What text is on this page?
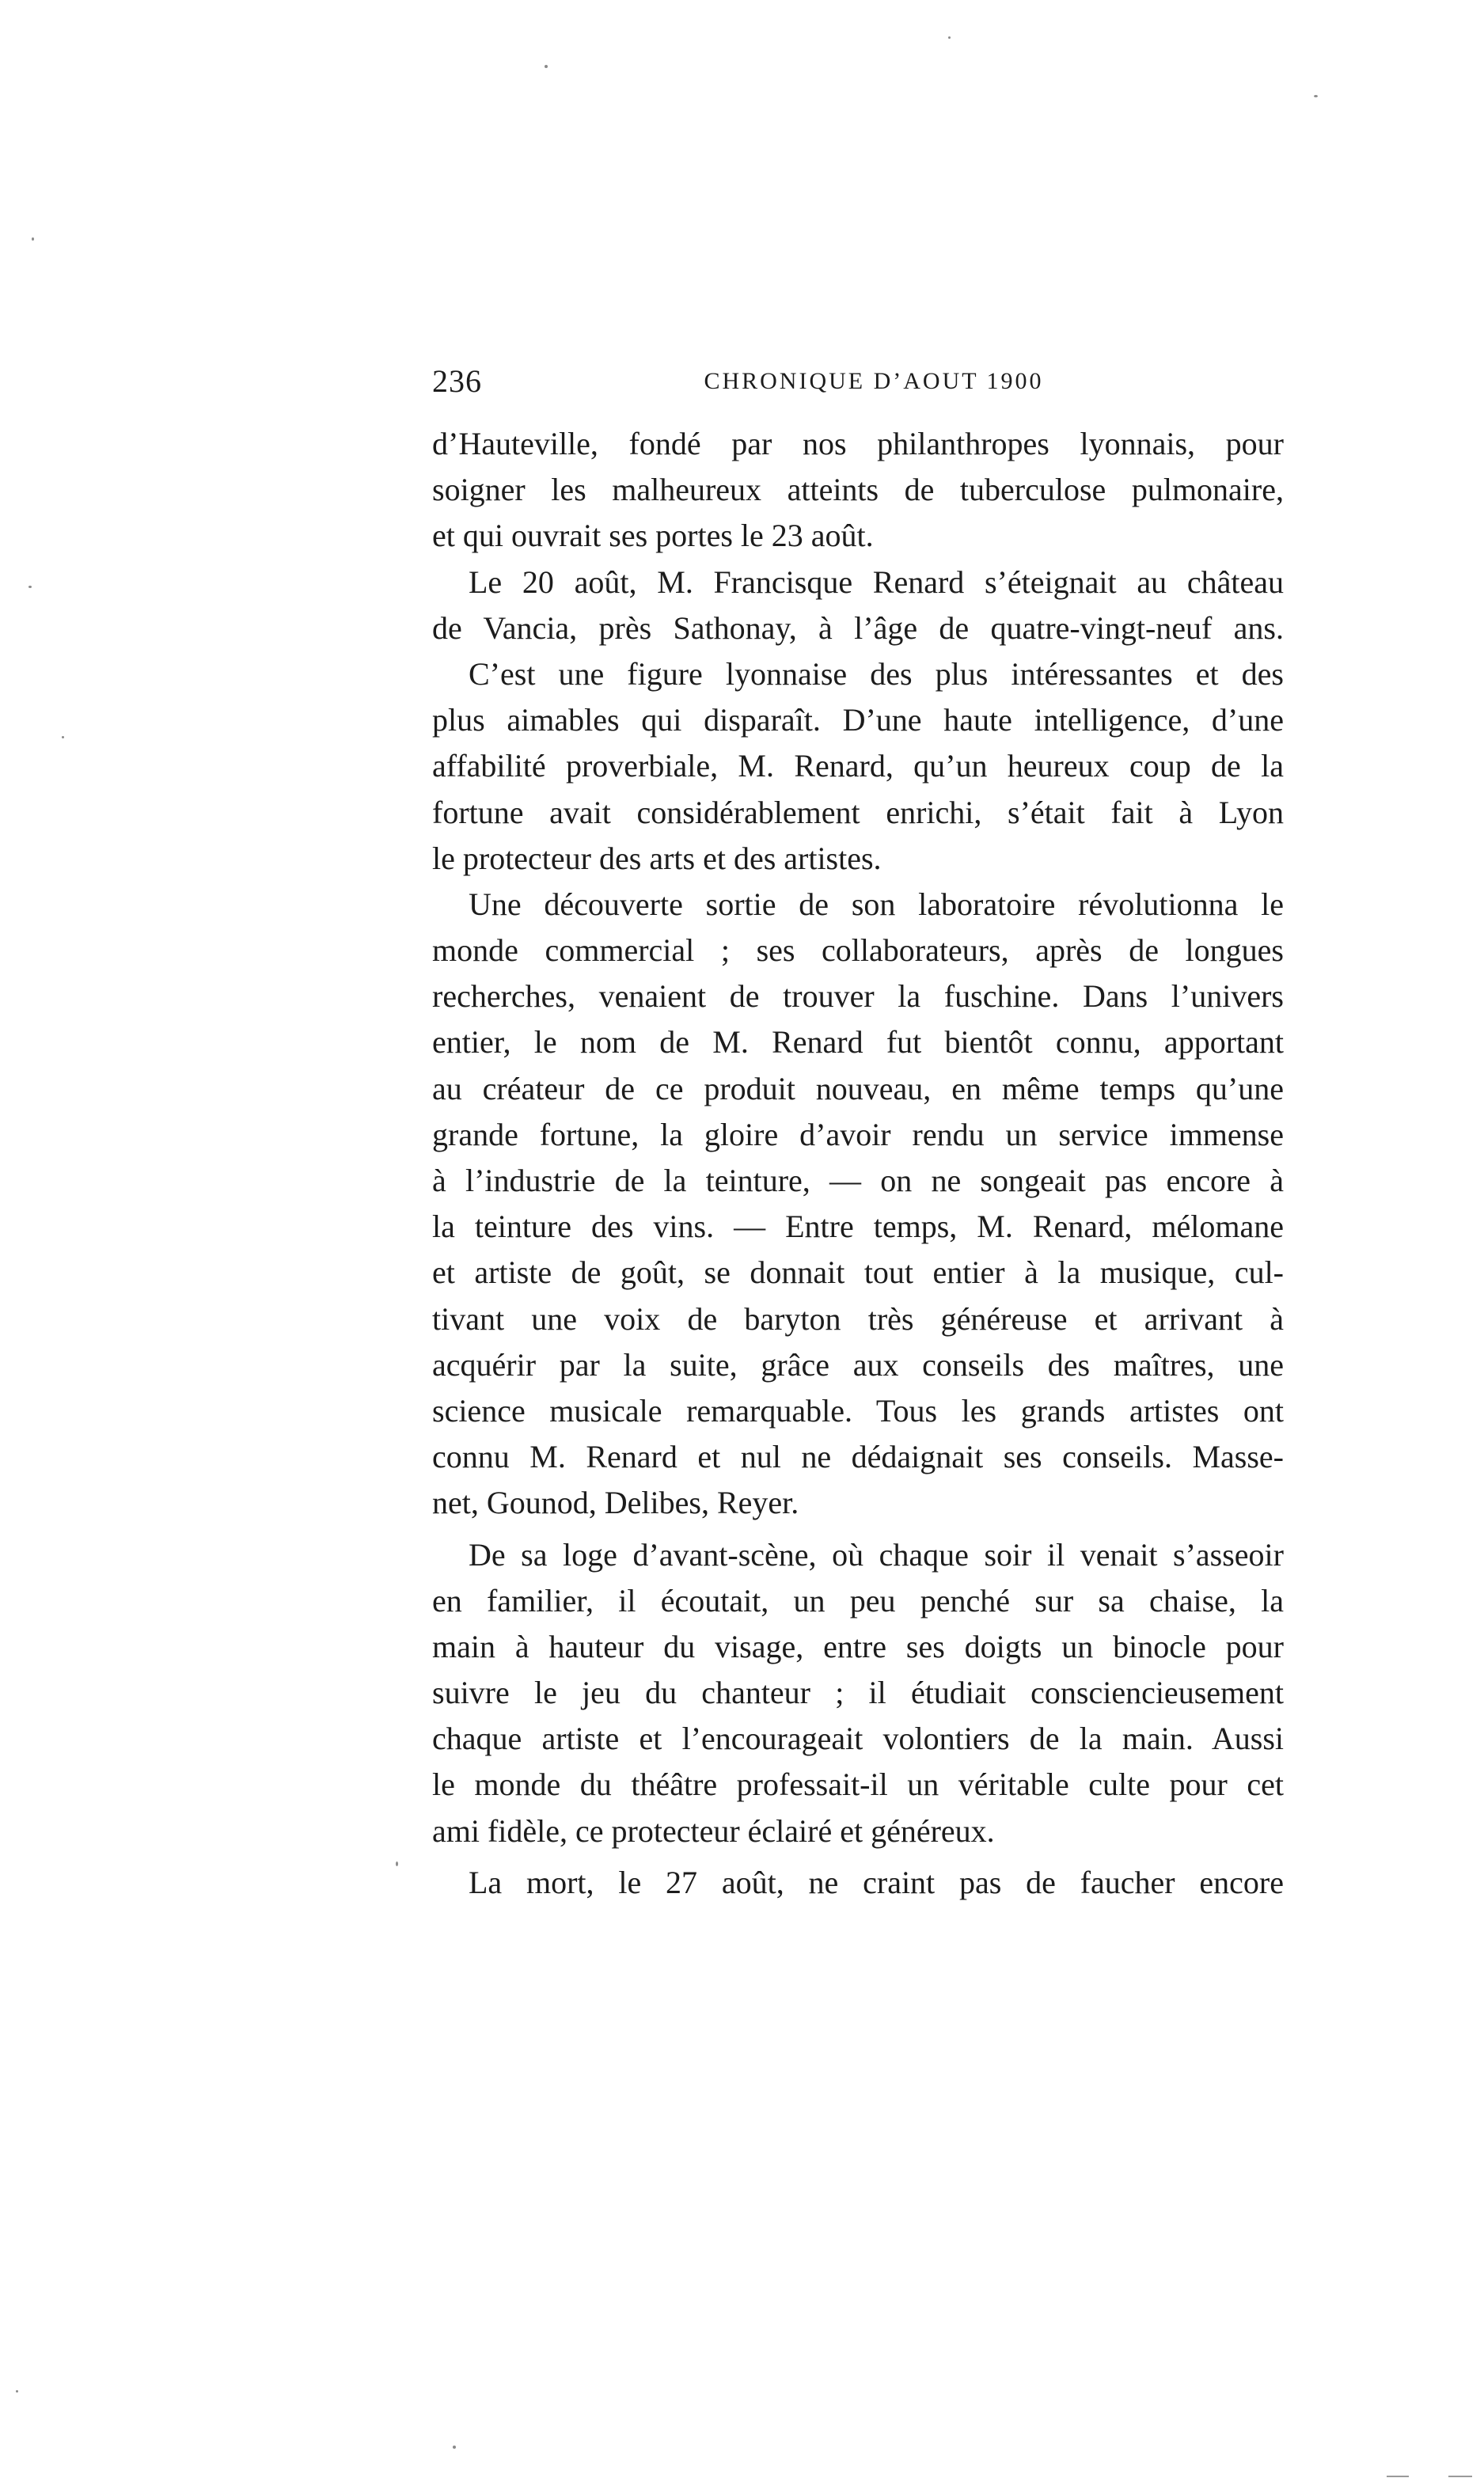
236	CHRONIQUE D’AOUT 1900
d’Hauteville, fondé par nos philanthropes lyonnais, pour
soigner les malheureux atteints de tuberculose pulmonaire,
et qui ouvrait ses portes le 23 août.
Le 20 août, M. Francisque Renard s’éteignait au château
de Vancia, près Sathonay, à l’âge de quatre-vingt-neuf ans.
C’est une figure lyonnaise des plus intéressantes et des
plus aimables qui disparaît. D’une haute intelligence, d’une
affabilité proverbiale, M. Renard, qu’un heureux coup de la
fortune avait considérablement enrichi, s’était fait à Lyon
le protecteur des arts et des artistes.
Une découverte sortie de son laboratoire révolutionna le
monde commercial ; ses collaborateurs, après de longues
recherches, venaient de trouver la fuschine. Dans l’univers
entier, le nom de M. Renard fut bientôt connu, apportant
au créateur de ce produit nouveau, en même temps qu’une
grande fortune, la gloire d’avoir rendu un service immense
à l’industrie de la teinture, — on ne songeait pas encore à
la teinture des vins. — Entre temps, M. Renard, mélomane
et artiste de goût, se donnait tout entier à la musique, cul-
tivant une voix de baryton très généreuse et arrivant à
acquérir par la suite, grâce aux conseils des maîtres, une
science musicale remarquable. Tous les grands artistes ont
connu M. Renard et nul ne dédaignait ses conseils. Masse-
net, Gounod, Delibes, Reyer.
De sa loge d’avant-scène, où chaque soir il venait s’asseoir
en familier, il écoutait, un peu penché sur sa chaise, la
main à hauteur du visage, entre ses doigts un binocle pour
suivre le jeu du chanteur ; il étudiait consciencieusement
chaque artiste et l’encourageait volontiers de la main. Aussi
le monde du théâtre professait-il un véritable culte pour cet
ami fidèle, ce protecteur éclairé et généreux.
La mort, le 27 août, ne craint pas de faucher encore
